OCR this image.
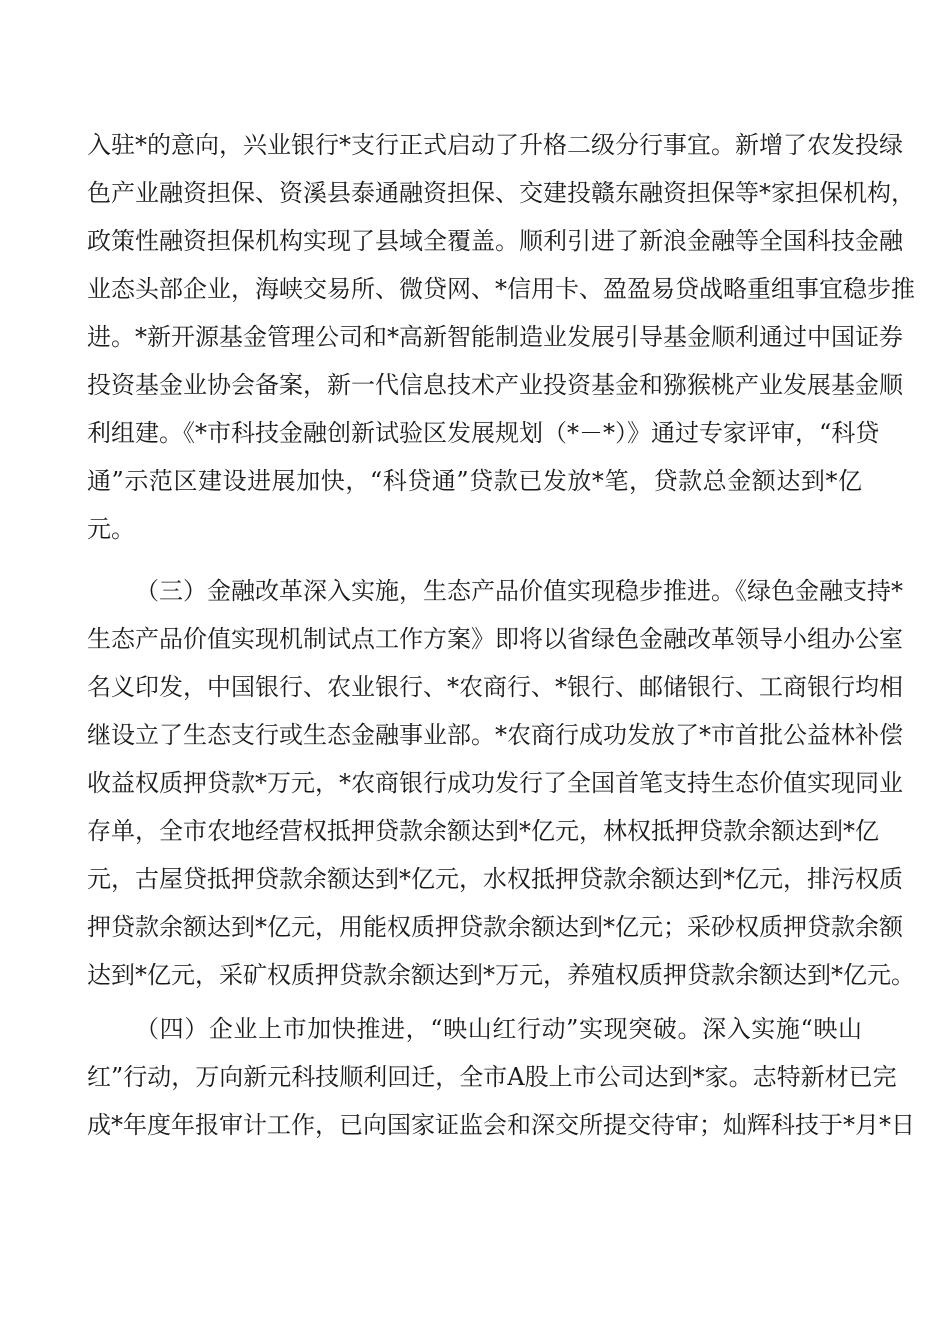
入驻*的意向，兴业银行*支行正式启动了升格二级分行事宜。新增了农发投绿
色产业融资担保、资溪县泰通融资担保、交建投赣东融资担保等*家担保机构，
政策性融资担保机构实现了县域全覆盖。顺利引进了新浪金融等全国科技金融
业态头部企业，海峡交易所、微贷网、*信用卡、盈盈易贷战略重组事宜稳步推
进。*新开源基金管理公司和*高新智能制造业发展引导基金顺利通过中国证券
投资基金业协会备案，新一代信息技术产业投资基金和猕猴桃产业发展基金顺
利组建。《*市科技金融创新试验区发展规划（*－*）》通过专家评审，“科贷
通”示范区建设进展加快，“科贷通”贷款已发放*笔，贷款总金额达到*亿
元。
（三）金融改革深入实施，生态产品价值实现稳步推进。《绿色金融支持*
生态产品价值实现机制试点工作方案》即将以省绿色金融改革领导小组办公室
名义印发，中国银行、农业银行、*农商行、*银行、邮储银行、工商银行均相
继设立了生态支行或生态金融事业部。*农商行成功发放了*市首批公益林补偿
收益权质押贷款*万元，*农商银行成功发行了全国首笔支持生态价值实现同业
存单，全市农地经营权抵押贷款余额达到*亿元，林权抵押贷款余额达到*亿
元，古屋贷抵押贷款余额达到*亿元，水权抵押贷款余额达到*亿元，排污权质
押贷款余额达到*亿元，用能权质押贷款余额达到*亿元；采砂权质押贷款余额
达到*亿元，采矿权质押贷款余额达到*万元，养殖权质押贷款余额达到*亿元。
（四）企业上市加快推进，“映山红行动”实现突破。深入实施“映山
红”行动，万向新元科技顺利回迁，全市A股上市公司达到*家。志特新材已完
成*年度年报审计工作，已向国家证监会和深交所提交待审；灿辉科技于*月*日
